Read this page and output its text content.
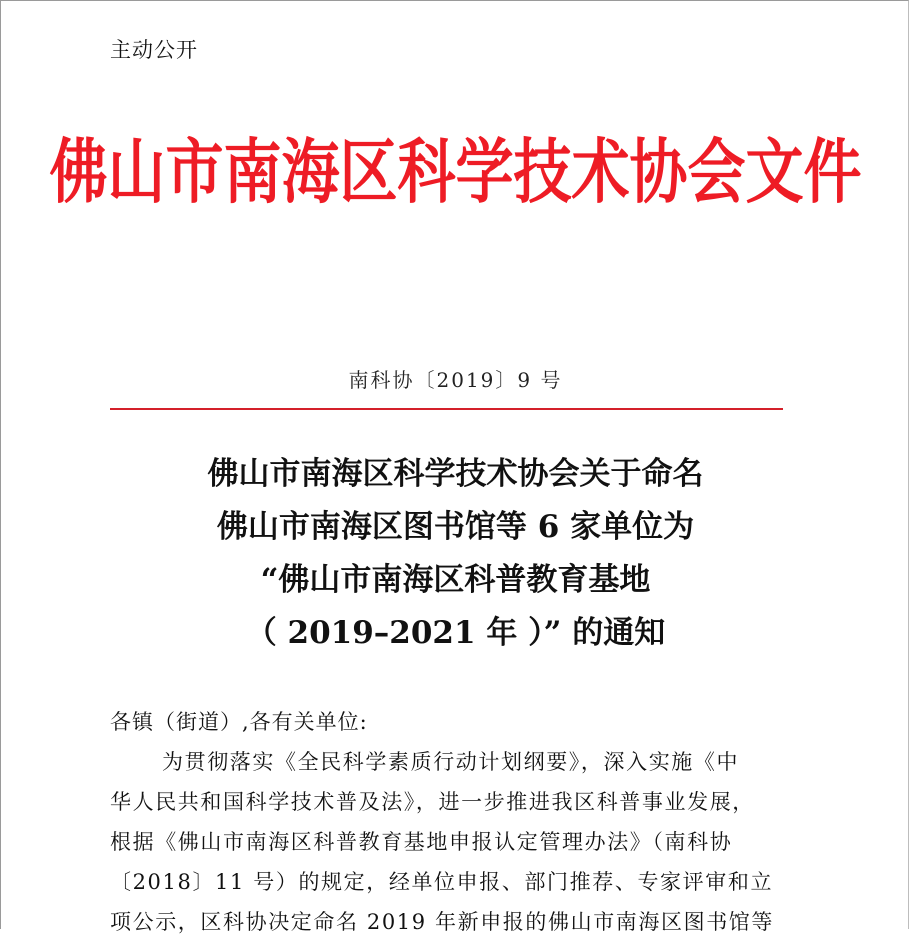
主动公开
佛山市南海区科学技术协会文件
南科协〔2019〕9 号
佛山市南海区科学技术协会关于命名
佛山市南海区图书馆等 6 家单位为
“佛山市南海区科普教育基地
（ 2019–2021 年 ）” 的通知
各镇（街道）,各有关单位:
为贯彻落实《全民科学素质行动计划纲要》，深入实施《中
华人民共和国科学技术普及法》，进一步推进我区科普事业发展，
根据《佛山市南海区科普教育基地申报认定管理办法》（南科协
〔2018〕11 号）的规定，经单位申报、部门推荐、专家评审和立
项公示，区科协决定命名 2019 年新申报的佛山市南海区图书馆等
